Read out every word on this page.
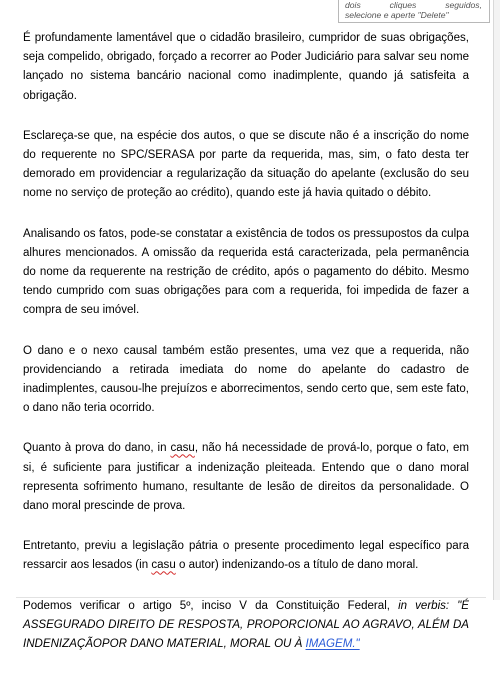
dois	cliques	seguidos,
selecione e aperte "Delete"

É profundamente lamentável que o cidadão brasileiro, cumpridor de suas obrigações, seja compelido, obrigado, forçado a recorrer ao Poder Judiciário para salvar seu nome lançado no sistema bancário nacional como inadimplente, quando já satisfeita a obrigação.

Esclareça-se que, na espécie dos autos, o que se discute não é a inscrição do nome do requerente no SPC/SERASA por parte da requerida, mas, sim, o fato desta ter demorado em providenciar a regularização da situação do apelante (exclusão do seu nome no serviço de proteção ao crédito), quando este já havia quitado o débito.

Analisando os fatos, pode-se constatar a existência de todos os pressupostos da culpa alhures mencionados. A omissão da requerida está caracterizada, pela permanência do nome da requerente na restrição de crédito, após o pagamento do débito. Mesmo tendo cumprido com suas obrigações para com a requerida, foi impedida de fazer a compra de seu imóvel.

O dano e o nexo causal também estão presentes, uma vez que a requerida, não providenciando a retirada imediata do nome do apelante do cadastro de inadimplentes, causou-lhe prejuízos e aborrecimentos, sendo certo que, sem este fato, o dano não teria ocorrido.

Quanto à prova do dano, in casu, não há necessidade de prová-lo, porque o fato, em si, é suficiente para justificar a indenização pleiteada. Entendo que o dano moral representa sofrimento humano, resultante de lesão de direitos da personalidade. O dano moral prescinde de prova.

Entretanto, previu a legislação pátria o presente procedimento legal específico para ressarcir aos lesados (in casu o autor) indenizando-os a título de dano moral.

Podemos verificar o artigo 5º, inciso V da Constituição Federal, in verbis: "É ASSEGURADO DIREITO DE RESPOSTA, PROPORCIONAL AO AGRAVO, ALÉM DA INDENIZAÇÃOPOR DANO MATERIAL, MORAL OU À IMAGEM."
